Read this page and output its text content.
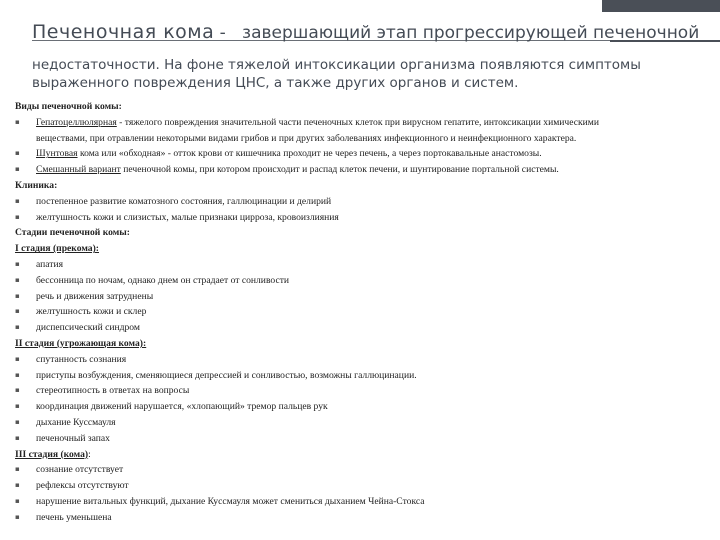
Печеночная кома -   завершающий этап прогрессирующей печеночной
недостаточности. На фоне тяжелой интоксикации организма появляются симптомы
выраженного повреждения ЦНС, а также других органов и систем.
Виды печеночной комы:
▪	Гепатоцеллюлярная - тяжелого повреждения значительной части печеночных клеток при вирусном гепатите, интоксикации химическими
веществами, при отравлении некоторыми видами грибов и при других заболеваниях инфекционного и неинфекционного характера.
▪	Шунтовая кома или «обходная» - отток крови от кишечника проходит не через печень, а через портокавальные анастомозы.
▪	Смешанный вариант печеночной комы, при котором происходит и распад клеток печени, и шунтирование портальной системы.
Клиника:
▪	постепенное развитие коматозного состояния, галлюцинации и делирий
▪	желтушность кожи и слизистых, малые признаки цирроза, кровоизлияния
Стадии печеночной комы:
I стадия (прекома):
▪	апатия
▪	бессонница по ночам, однако днем он страдает от сонливости
▪	речь и движения затруднены
▪	желтушность кожи и склер
▪	диспепсический синдром
II стадия (угрожающая кома):
▪	спутанность сознания
▪	приступы возбуждения, сменяющиеся депрессией и сонливостью, возможны галлюцинации.
▪	стереотипность в ответах на вопросы
▪	координация движений нарушается, «хлопающий» тремор пальцев рук
▪	дыхание Куссмауля
▪	печеночный запах
III стадия (кома):
▪	сознание отсутствует
▪	рефлексы отсутствуют
▪	нарушение витальных функций, дыхание Куссмауля может смениться дыханием Чейна-Стокса
▪	печень уменьшена
